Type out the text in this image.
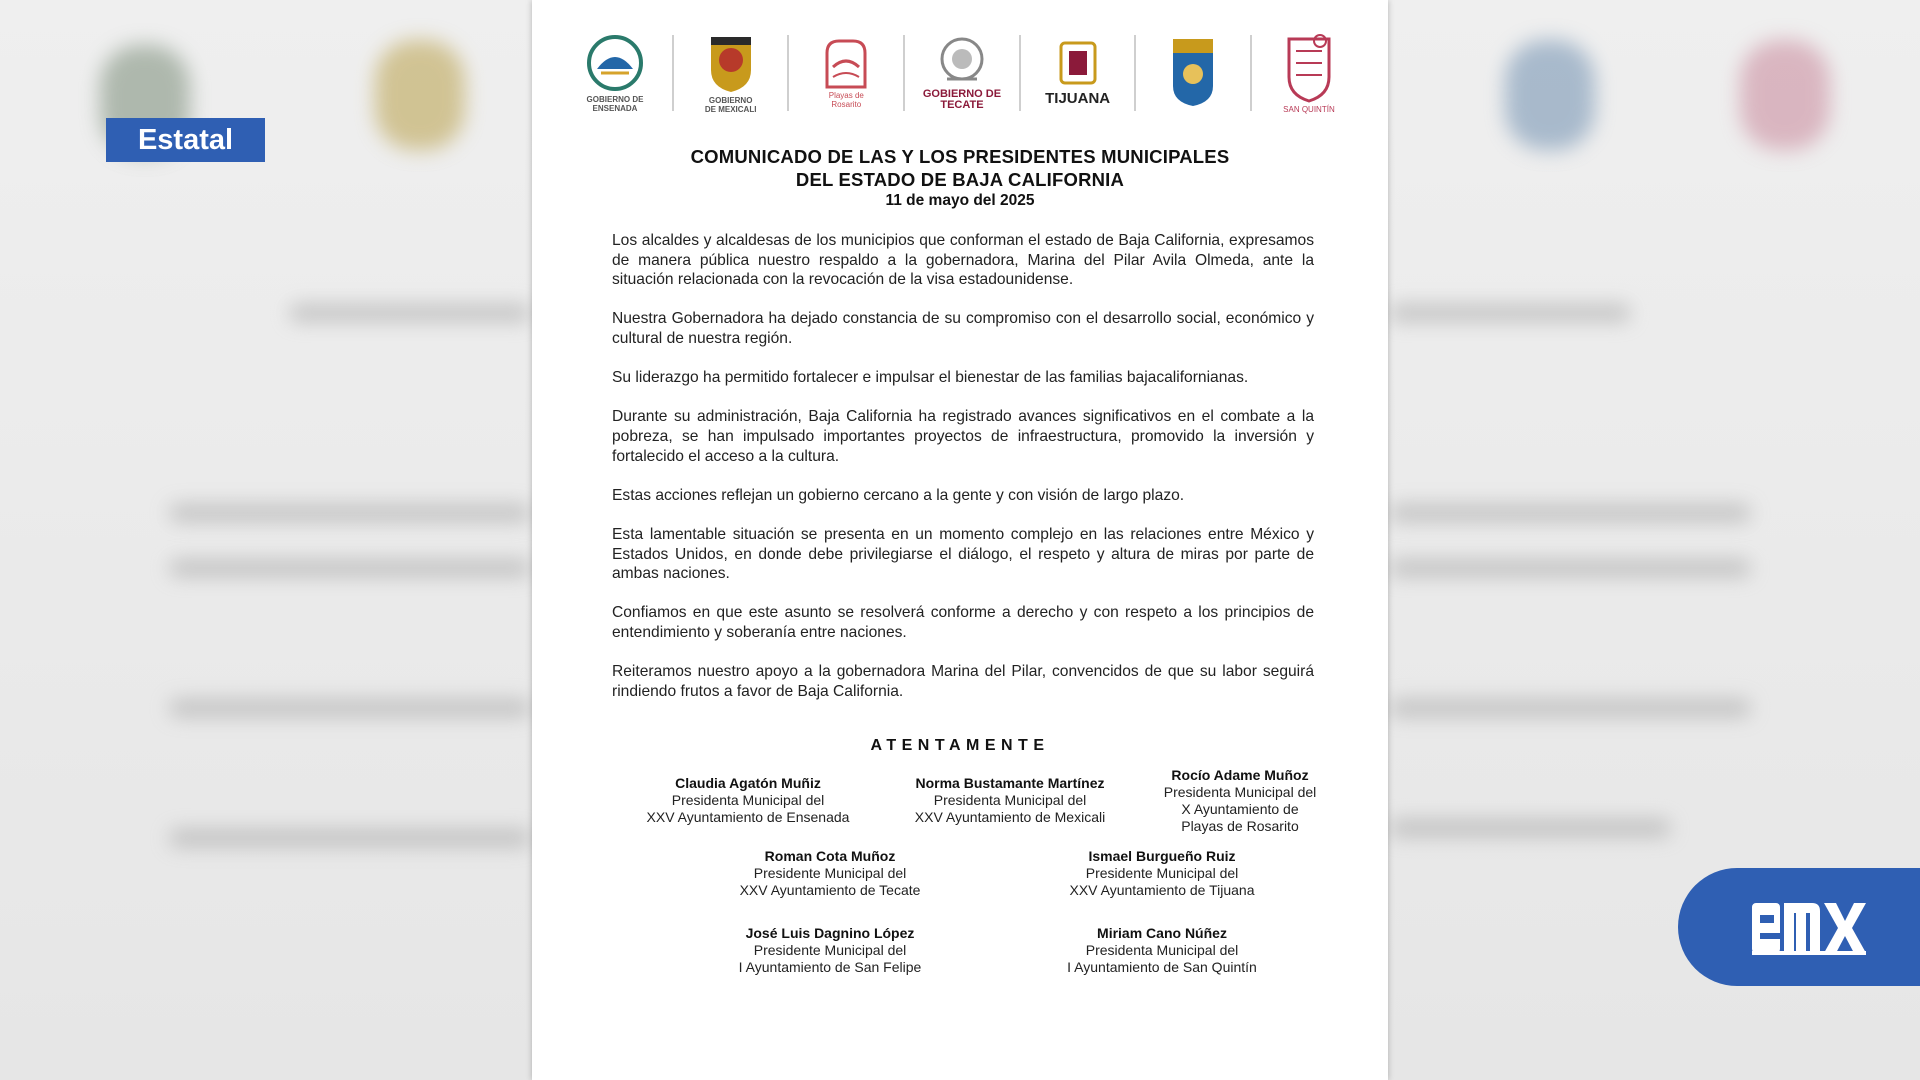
GOBIERNO DE
ENSENADA
GOBIERNO
DE MEXICALI
Playas de
Rosarito
GOBIERNO DE
TECATE	TIJUANA
SAN QUINTÍN
COMUNICADO DE LAS Y LOS PRESIDENTES MUNICIPALES
DEL ESTADO DE BAJA CALIFORNIA
11 de mayo del 2025

Los alcaldes y alcaldesas de los municipios que conforman el estado de Baja California, expresamos de manera pública nuestro respaldo a la gobernadora, Marina del Pilar Avila Olmeda, ante la situación relacionada con la revocación de la visa estadounidense.

Nuestra Gobernadora ha dejado constancia de su compromiso con el desarrollo social, económico y cultural de nuestra región.

Su liderazgo ha permitido fortalecer e impulsar el bienestar de las familias bajacalifornianas.

Durante su administración, Baja California ha registrado avances significativos en el combate a la pobreza, se han impulsado importantes proyectos de infraestructura, promovido la inversión y fortalecido el acceso a la cultura.

Estas acciones reflejan un gobierno cercano a la gente y con visión de largo plazo.

Esta lamentable situación se presenta en un momento complejo en las relaciones entre México y Estados Unidos, en donde debe privilegiarse el diálogo, el respeto y altura de miras por parte de ambas naciones.

Confiamos en que este asunto se resolverá conforme a derecho y con respeto a los principios de entendimiento y soberanía entre naciones.

Reiteramos nuestro apoyo a la gobernadora Marina del Pilar, convencidos de que su labor seguirá rindiendo frutos a favor de Baja California.

ATENTAMENTE
Claudia Agatón Muñiz
Presidenta Municipal del
XXV Ayuntamiento de Ensenada
Norma Bustamante Martínez
Presidenta Municipal del
XXV Ayuntamiento de Mexicali
Rocío Adame Muñoz
Presidenta Municipal del
X Ayuntamiento de
Playas de Rosarito
Roman Cota Muñoz
Presidente Municipal del
XXV Ayuntamiento de Tecate
Ismael Burgueño Ruiz
Presidente Municipal del
XXV Ayuntamiento de Tijuana
José Luis Dagnino López
Presidente Municipal del
I Ayuntamiento de San Felipe
Miriam Cano Núñez
Presidenta Municipal del
I Ayuntamiento de San Quintín
Estatal
